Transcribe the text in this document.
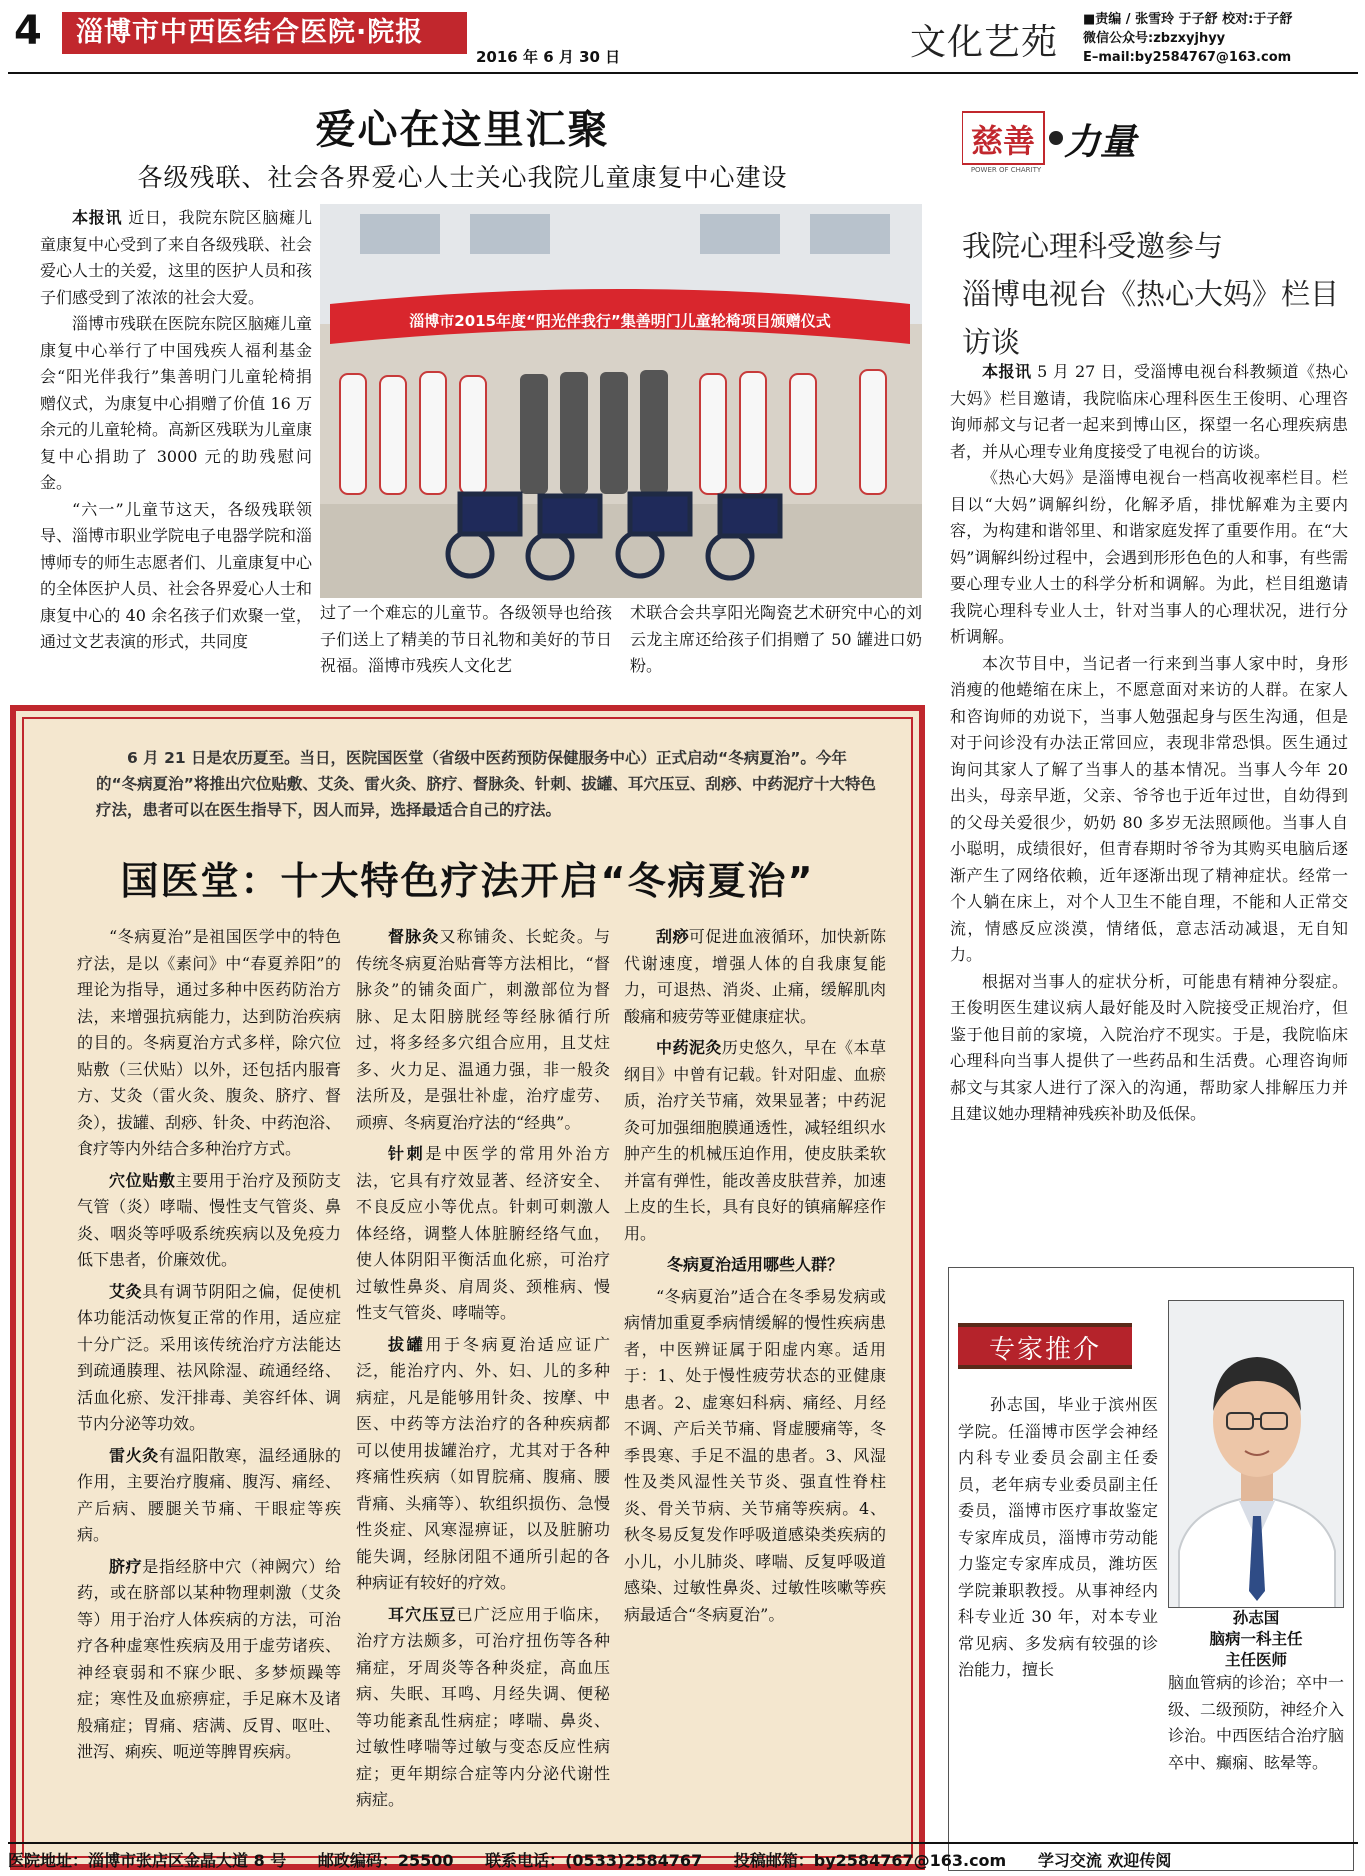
4	淄博市中西医结合医院·院报
2016 年 6 月 30 日	文化艺苑
■责编 / 张雪玲 于子舒 校对:于子舒
微信公众号:zbzxyjhyy
E–mail:by2584767@163.com
爱心在这里汇聚
各级残联、社会各界爱心人士关心我院儿童康复中心建设

本报讯 近日，我院东院区脑瘫儿童康复中心受到了来自各级残联、社会爱心人士的关爱，这里的医护人员和孩子们感受到了浓浓的社会大爱。

淄博市残联在医院东院区脑瘫儿童康复中心举行了中国残疾人福利基金会“阳光伴我行”集善明门儿童轮椅捐赠仪式，为康复中心捐赠了价值 16 万余元的儿童轮椅。高新区残联为儿童康复中心捐助了 3000 元的助残慰问金。

“六一”儿童节这天，各级残联领导、淄博市职业学院电子电器学院和淄博师专的师生志愿者们、儿童康复中心的全体医护人员、社会各界爱心人士和康复中心的 40 余名孩子们欢聚一堂，通过文艺表演的形式，共同度

淄博市2015年度“阳光伴我行”集善明门儿童轮椅项目颁赠仪式

过了一个难忘的儿童节。各级领导也给孩子们送上了精美的节日礼物和美好的节日祝福。淄博市残疾人文化艺

术联合会共享阳光陶瓷艺术研究中心的刘云龙主席还给孩子们捐赠了 50 罐进口奶粉。

慈善 力量
POWER OF CHARITY
我院心理科受邀参与
淄博电视台《热心大妈》栏目访谈

本报讯 5 月 27 日，受淄博电视台科教频道《热心大妈》栏目邀请，我院临床心理科医生王俊明、心理咨询师郝文与记者一起来到博山区，探望一名心理疾病患者，并从心理专业角度接受了电视台的访谈。

《热心大妈》是淄博电视台一档高收视率栏目。栏目以“大妈”调解纠纷，化解矛盾，排忧解难为主要内容，为构建和谐邻里、和谐家庭发挥了重要作用。在“大妈”调解纠纷过程中，会遇到形形色色的人和事，有些需要心理专业人士的科学分析和调解。为此，栏目组邀请我院心理科专业人士，针对当事人的心理状况，进行分析调解。

本次节目中，当记者一行来到当事人家中时，身形消瘦的他蜷缩在床上，不愿意面对来访的人群。在家人和咨询师的劝说下，当事人勉强起身与医生沟通，但是对于问诊没有办法正常回应，表现非常恐惧。医生通过询问其家人了解了当事人的基本情况。当事人今年 20 出头，母亲早逝，父亲、爷爷也于近年过世，自幼得到的父母关爱很少，奶奶 80 多岁无法照顾他。当事人自小聪明，成绩很好，但青春期时爷爷为其购买电脑后逐渐产生了网络依赖，近年逐渐出现了精神症状。经常一个人躺在床上，对个人卫生不能自理，不能和人正常交流，情感反应淡漠，情绪低，意志活动减退，无自知力。

根据对当事人的症状分析，可能患有精神分裂症。王俊明医生建议病人最好能及时入院接受正规治疗，但鉴于他目前的家境，入院治疗不现实。于是，我院临床心理科向当事人提供了一些药品和生活费。心理咨询师郝文与其家人进行了深入的沟通，帮助家人排解压力并且建议她办理精神残疾补助及低保。

6 月 21 日是农历夏至。当日，医院国医堂（省级中医药预防保健服务中心）正式启动“冬病夏治”。今年的“冬病夏治”将推出穴位贴敷、艾灸、雷火灸、脐疗、督脉灸、针刺、拔罐、耳穴压豆、刮痧、中药泥疗十大特色疗法，患者可以在医生指导下，因人而异，选择最适合自己的疗法。
国医堂：十大特色疗法开启“冬病夏治”

“冬病夏治”是祖国医学中的特色疗法，是以《素问》中“春夏养阳”的理论为指导，通过多种中医药防治方法，来增强抗病能力，达到防治疾病的目的。冬病夏治方式多样，除穴位贴敷（三伏贴）以外，还包括内服膏方、艾灸（雷火灸、腹灸、脐疗、督灸），拔罐、刮痧、针灸、中药泡浴、食疗等内外结合多种治疗方式。

穴位贴敷主要用于治疗及预防支气管（炎）哮喘、慢性支气管炎、鼻炎、咽炎等呼吸系统疾病以及免疫力低下患者，价廉效优。

艾灸具有调节阴阳之偏，促使机体功能活动恢复正常的作用，适应症十分广泛。采用该传统治疗方法能达到疏通腠理、祛风除湿、疏通经络、活血化瘀、发汗排毒、美容纤体、调节内分泌等功效。

雷火灸有温阳散寒，温经通脉的作用，主要治疗腹痛、腹泻、痛经、产后病、腰腿关节痛、干眼症等疾病。

脐疗是指经脐中穴（神阙穴）给药，或在脐部以某种物理刺激（艾灸等）用于治疗人体疾病的方法，可治疗各种虚寒性疾病及用于虚劳诸疾、神经衰弱和不寐少眠、多梦烦躁等症；寒性及血瘀痹症，手足麻木及诸般痛症；胃痛、痞满、反胃、呕吐、泄泻、痢疾、呃逆等脾胃疾病。

督脉灸又称铺灸、长蛇灸。与传统冬病夏治贴膏等方法相比，“督脉灸”的铺灸面广，刺激部位为督脉、足太阳膀胱经等经脉循行所过，将多经多穴组合应用，且艾炷多、火力足、温通力强，非一般灸法所及，是强壮补虚，治疗虚劳、顽痹、冬病夏治疗法的“经典”。

针刺是中医学的常用外治方法，它具有疗效显著、经济安全、不良反应小等优点。针刺可刺激人体经络，调整人体脏腑经络气血，使人体阴阳平衡活血化瘀，可治疗过敏性鼻炎、肩周炎、颈椎病、慢性支气管炎、哮喘等。

拔罐用于冬病夏治适应证广泛，能治疗内、外、妇、儿的多种病症，凡是能够用针灸、按摩、中医、中药等方法治疗的各种疾病都可以使用拔罐治疗，尤其对于各种疼痛性疾病（如胃脘痛、腹痛、腰背痛、头痛等）、软组织损伤、急慢性炎症、风寒湿痹证，以及脏腑功能失调，经脉闭阻不通所引起的各种病证有较好的疗效。

耳穴压豆已广泛应用于临床，治疗方法颇多，可治疗扭伤等各种痛症，牙周炎等各种炎症，高血压病、失眠、耳鸣、月经失调、便秘等功能紊乱性病症；哮喘、鼻炎、过敏性哮喘等过敏与变态反应性病症；更年期综合症等内分泌代谢性病症。

刮痧可促进血液循环，加快新陈代谢速度，增强人体的自我康复能力，可退热、消炎、止痛，缓解肌肉酸痛和疲劳等亚健康症状。

中药泥灸历史悠久，早在《本草纲目》中曾有记载。针对阳虚、血瘀质，治疗关节痛，效果显著；中药泥灸可加强细胞膜通透性，减轻组织水肿产生的机械压迫作用，使皮肤柔软并富有弹性，能改善皮肤营养，加速上皮的生长，具有良好的镇痛解痉作用。

冬病夏治适用哪些人群？

“冬病夏治”适合在冬季易发病或病情加重夏季病情缓解的慢性疾病患者，中医辨证属于阳虚内寒。适用于：1、处于慢性疲劳状态的亚健康患者。2、虚寒妇科病、痛经、月经不调、产后关节痛、肾虚腰痛等，冬季畏寒、手足不温的患者。3、风湿性及类风湿性关节炎、强直性脊柱炎、骨关节病、关节痛等疾病。4、秋冬易反复发作呼吸道感染类疾病的小儿，小儿肺炎、哮喘、反复呼吸道感染、过敏性鼻炎、过敏性咳嗽等疾病最适合“冬病夏治”。

专家推介
孙志国
脑病一科主任
主任医师

孙志国，毕业于滨州医学院。任淄博市医学会神经内科专业委员会副主任委员，老年病专业委员副主任委员，淄博市医疗事故鉴定专家库成员，淄博市劳动能力鉴定专家库成员，潍坊医学院兼职教授。从事神经内科专业近 30 年，对本专业常见病、多发病有较强的诊治能力，擅长

脑血管病的诊治；卒中一级、二级预防，神经介入诊治。中西医结合治疗脑卒中、癫痫、眩晕等。

医院地址：淄博市张店区金晶大道 8 号 邮政编码：25500 联系电话：(0533)2584767 投稿邮箱：by2584767@163.com 学习交流 欢迎传阅
